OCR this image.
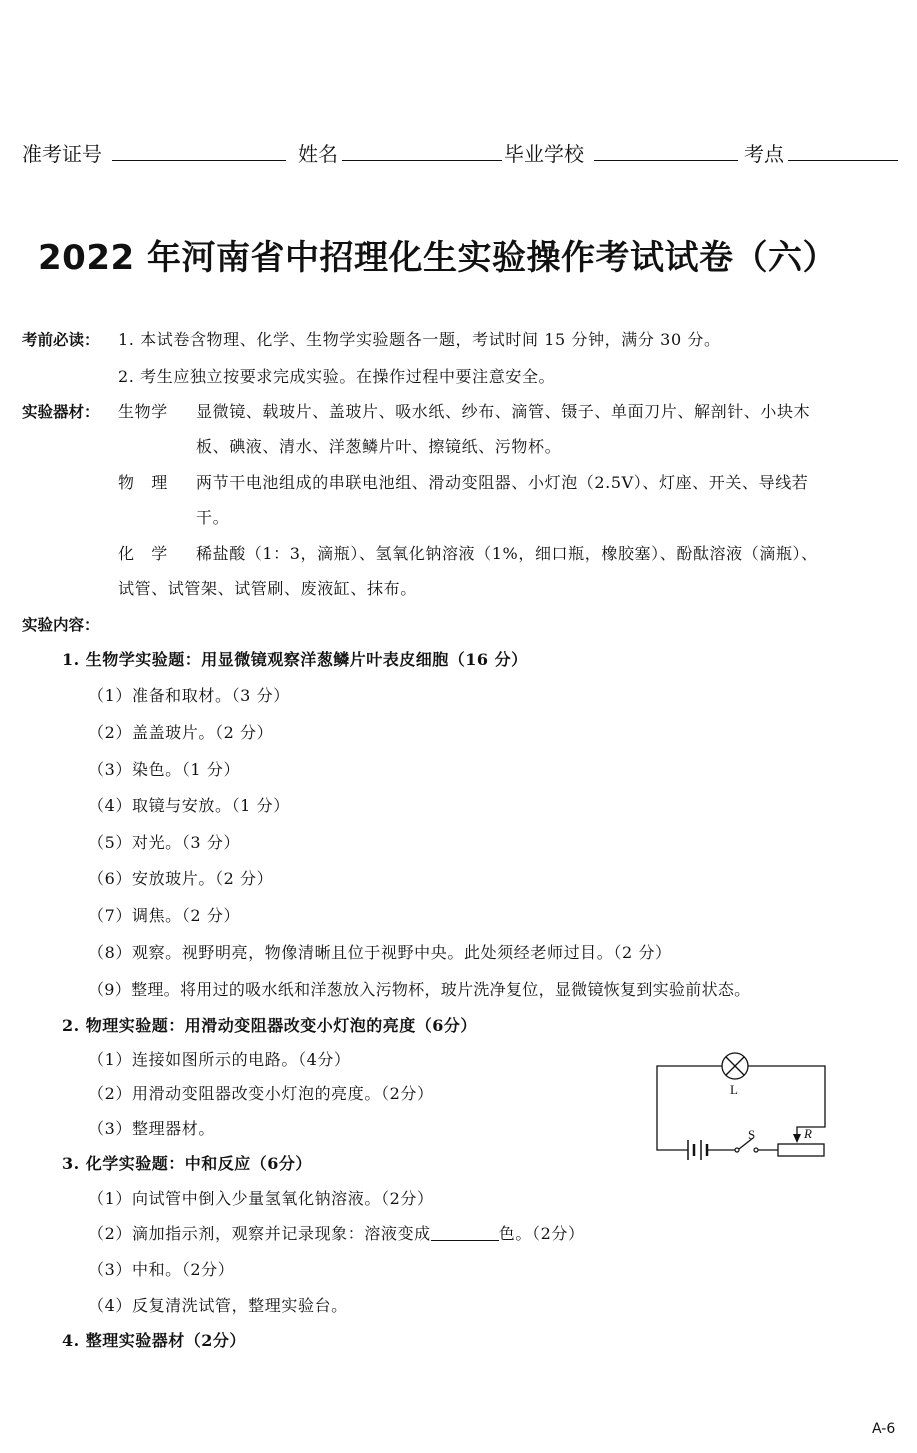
准考证号	姓名	毕业学校	考点
2022 年河南省中招理化生实验操作考试试卷（六）
考前必读： 1. 本试卷含物理、化学、生物学实验题各一题，考试时间 15 分钟，满分 30 分。
2. 考生应独立按要求完成实验。在操作过程中要注意安全。
实验器材： 生物学 显微镜、载玻片、盖玻片、吸水纸、纱布、滴管、镊子、单面刀片、解剖针、小块木
板、碘液、清水、洋葱鳞片叶、擦镜纸、污物杯。
物　理 两节干电池组成的串联电池组、滑动变阻器、小灯泡（2.5V）、灯座、开关、导线若
干。
化　学 稀盐酸（1：3，滴瓶）、氢氧化钠溶液（1%，细口瓶，橡胶塞）、酚酞溶液（滴瓶）、
试管、试管架、试管刷、废液缸、抹布。
实验内容：
1. 生物学实验题：用显微镜观察洋葱鳞片叶表皮细胞（16 分）
（1）准备和取材。（3 分）
（2）盖盖玻片。（2 分）
（3）染色。（1 分）
（4）取镜与安放。（1 分）
（5）对光。（3 分）
（6）安放玻片。（2 分）
（7）调焦。（2 分）
（8）观察。视野明亮，物像清晰且位于视野中央。此处须经老师过目。（2 分）
（9）整理。将用过的吸水纸和洋葱放入污物杯，玻片洗净复位，显微镜恢复到实验前状态。
2. 物理实验题：用滑动变阻器改变小灯泡的亮度（6分）
（1）连接如图所示的电路。（4分）
（2）用滑动变阻器改变小灯泡的亮度。（2分）
（3）整理器材。
L
S	R
3. 化学实验题：中和反应（6分）
（1）向试管中倒入少量氢氧化钠溶液。（2分）
（2）滴加指示剂，观察并记录现象：溶液变成	色。（2分）
（3）中和。（2分）
（4）反复清洗试管，整理实验台。
4. 整理实验器材（2分）
A-6
